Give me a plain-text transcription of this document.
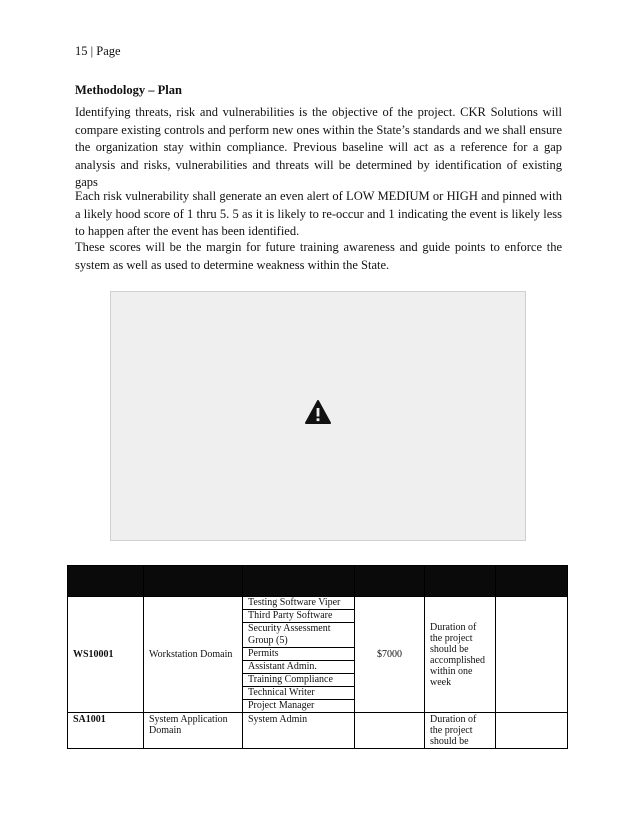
15 | Page
Methodology – Plan

Identifying threats, risk and vulnerabilities is the objective of the project. CKR Solutions will compare existing controls and perform new ones within the State’s standards and we shall ensure the organization stay within compliance. Previous baseline will act as a reference for a gap analysis and risks, vulnerabilities and threats will be determined by identification of existing gaps

Each risk vulnerability shall generate an even alert of LOW MEDIUM or HIGH and pinned with a likely hood score of 1 thru 5. 5 as it is likely to re-occur and 1 indicating the event is likely less to happen after the event has been identified.

These scores will be the margin for future training awareness and guide points to enforce the system as well as used to determine weakness within the State.

WS10001	Workstation Domain	Testing Software Viper	$7000	Duration of the project should be accomplished within one week	
		Third Party Software			
		Security Assessment Group (5)			
		Permits			
		Assistant Admin.			
		Training Compliance			
		Technical Writer			
		Project Manager			
SA1001	System Application Domain	System Admin		Duration of the project should be	
